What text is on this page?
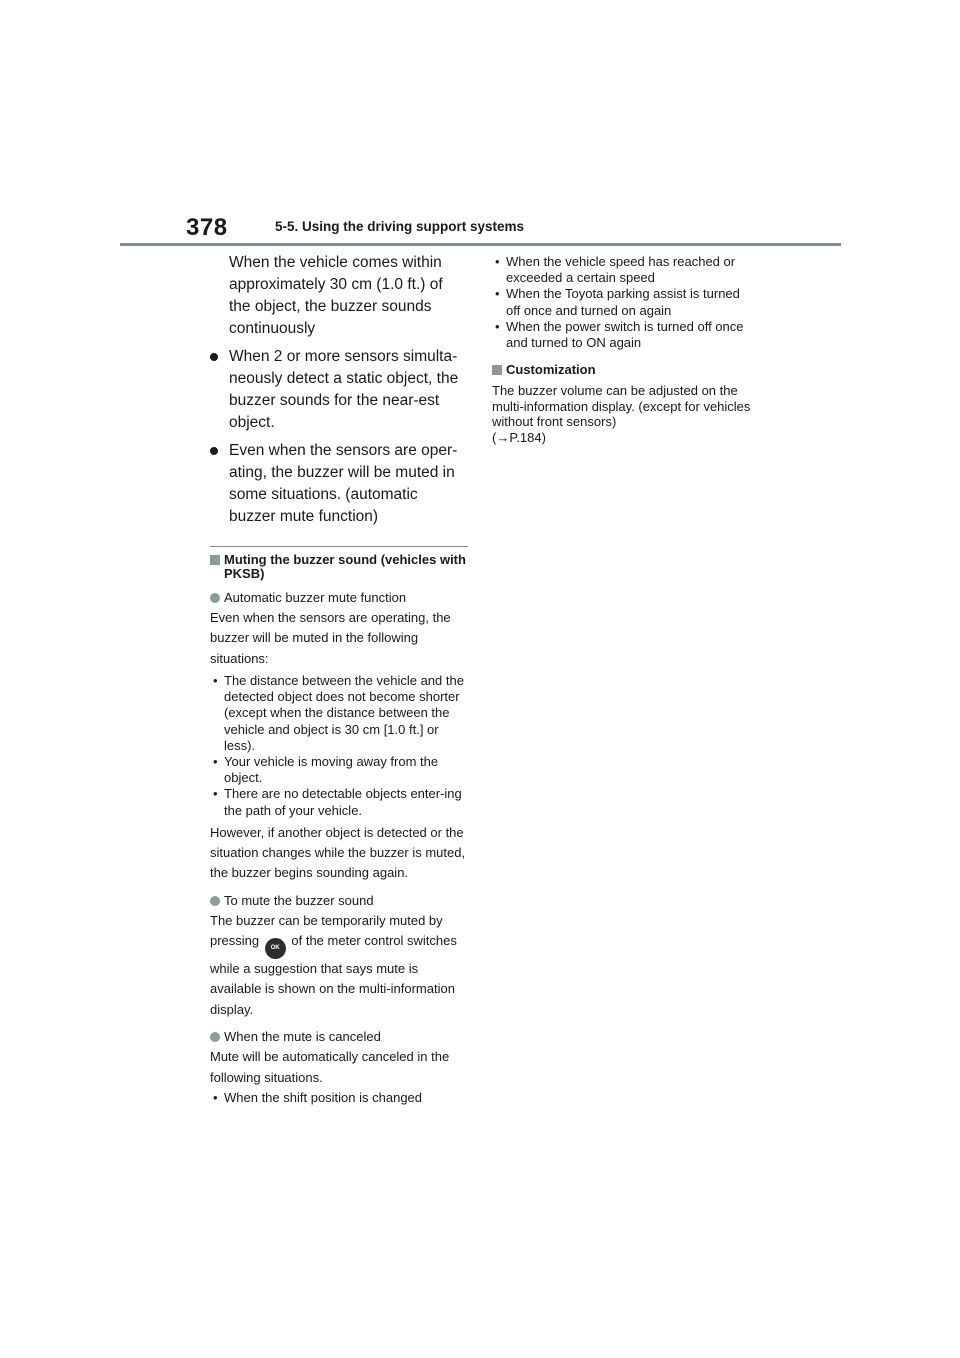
378	5-5. Using the driving support systems

When the vehicle comes within approximately 30 cm (1.0 ft.) of the object, the buzzer sounds continuously

When 2 or more sensors simulta-neously detect a static object, the buzzer sounds for the near-est object.
Even when the sensors are oper-ating, the buzzer will be muted in some situations. (automatic buzzer mute function)
Muting the buzzer sound (vehicles with PKSB)
Automatic buzzer mute function
Even when the sensors are operating, the buzzer will be muted in the following situations:
• The distance between the vehicle and the detected object does not become shorter (except when the distance between the vehicle and object is 30 cm [1.0 ft.] or less).
• Your vehicle is moving away from the object.
• There are no detectable objects enter-ing the path of your vehicle.
However, if another object is detected or the situation changes while the buzzer is muted, the buzzer begins sounding again.
To mute the buzzer sound
The buzzer can be temporarily muted by pressing OK of the meter control switches while a suggestion that says mute is available is shown on the multi-information display.
When the mute is canceled
Mute will be automatically canceled in the following situations.
• When the shift position is changed
• When the vehicle speed has reached or exceeded a certain speed
• When the Toyota parking assist is turned off once and turned on again
• When the power switch is turned off once and turned to ON again
Customization
The buzzer volume can be adjusted on the multi-information display. (except for vehicles without front sensors)
(→P.184)
